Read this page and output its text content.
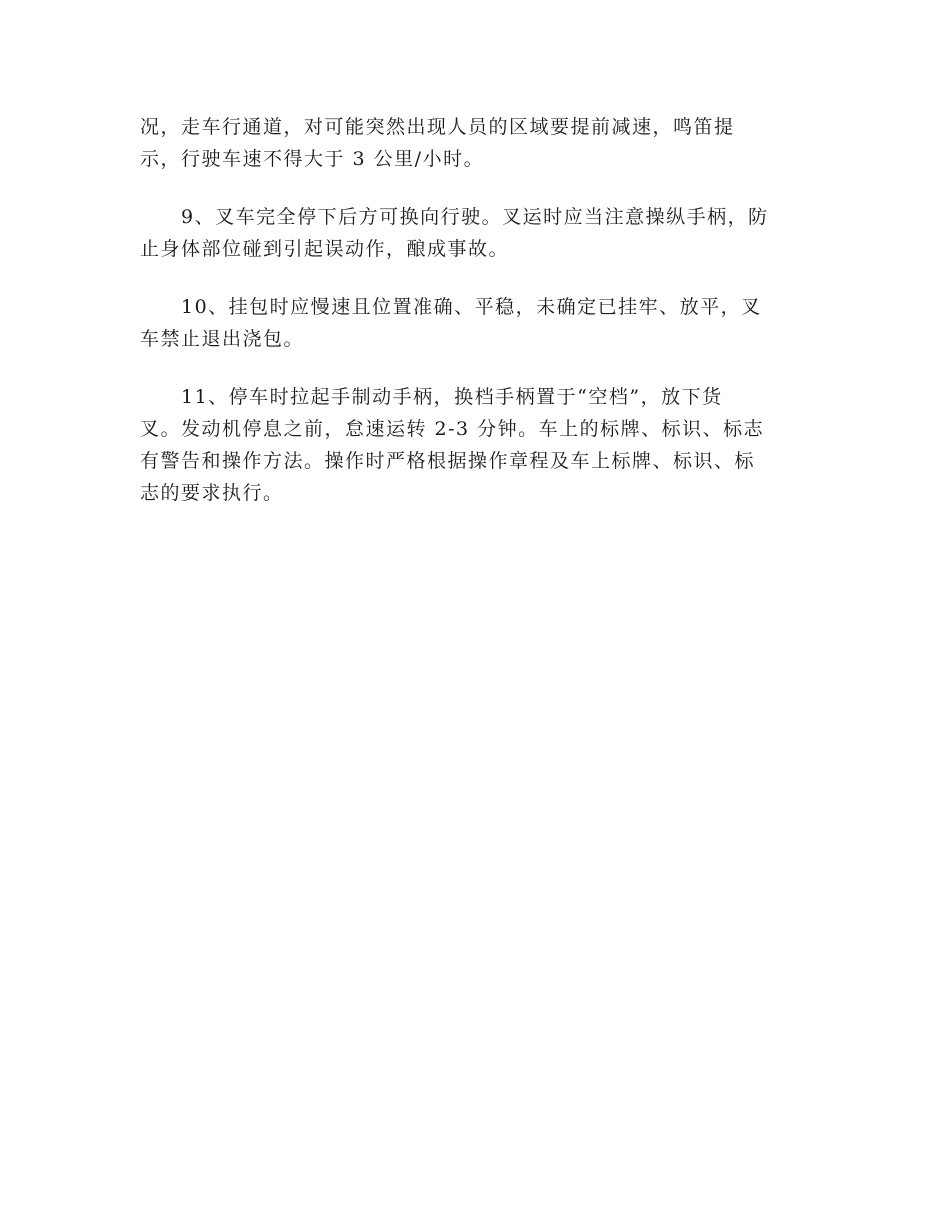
况，走车行通道，对可能突然出现人员的区域要提前减速，鸣笛提
示，行驶车速不得大于 3 公里/小时。
9、叉车完全停下后方可换向行驶。叉运时应当注意操纵手柄，防
止身体部位碰到引起误动作，酿成事故。
10、挂包时应慢速且位置准确、平稳，未确定已挂牢、放平，叉
车禁止退出浇包。
11、停车时拉起手制动手柄，换档手柄置于“空档”，放下货
叉。发动机停息之前，怠速运转 2-3 分钟。车上的标牌、标识、标志
有警告和操作方法。操作时严格根据操作章程及车上标牌、标识、标
志的要求执行。
